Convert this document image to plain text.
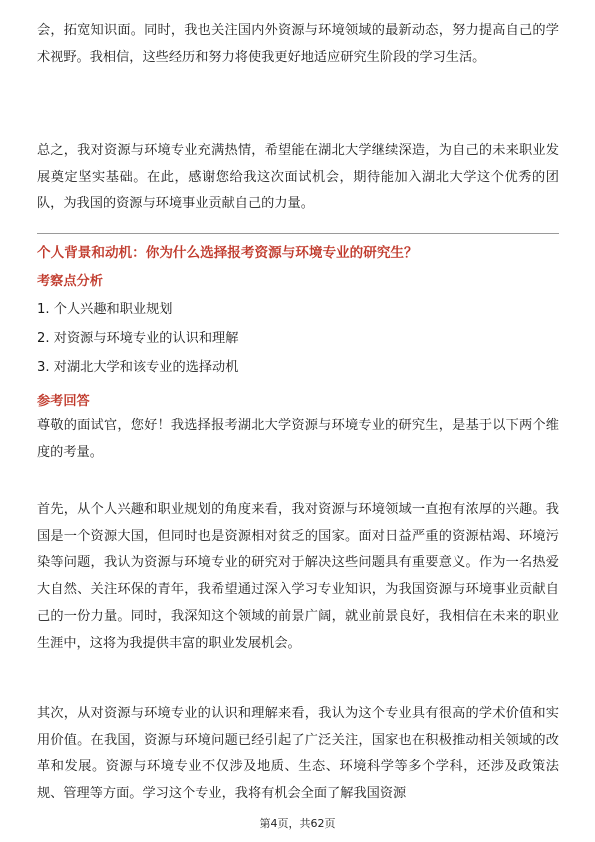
会，拓宽知识面。同时，我也关注国内外资源与环境领域的最新动态，努力提高自己的学术视野。我相信，这些经历和努力将使我更好地适应研究生阶段的学习生活。

总之，我对资源与环境专业充满热情，希望能在湖北大学继续深造，为自己的未来职业发展奠定坚实基础。在此，感谢您给我这次面试机会，期待能加入湖北大学这个优秀的团队，为我国的资源与环境事业贡献自己的力量。

个人背景和动机：你为什么选择报考资源与环境专业的研究生？
考察点分析
1. 个人兴趣和职业规划
2. 对资源与环境专业的认识和理解
3. 对湖北大学和该专业的选择动机
参考回答

尊敬的面试官，您好！我选择报考湖北大学资源与环境专业的研究生，是基于以下两个维度的考量。

首先，从个人兴趣和职业规划的角度来看，我对资源与环境领域一直抱有浓厚的兴趣。我国是一个资源大国，但同时也是资源相对贫乏的国家。面对日益严重的资源枯竭、环境污染等问题，我认为资源与环境专业的研究对于解决这些问题具有重要意义。作为一名热爱大自然、关注环保的青年，我希望通过深入学习专业知识，为我国资源与环境事业贡献自己的一份力量。同时，我深知这个领域的前景广阔，就业前景良好，我相信在未来的职业生涯中，这将为我提供丰富的职业发展机会。

其次，从对资源与环境专业的认识和理解来看，我认为这个专业具有很高的学术价值和实用价值。在我国，资源与环境问题已经引起了广泛关注，国家也在积极推动相关领域的改革和发展。资源与环境专业不仅涉及地质、生态、环境科学等多个学科，还涉及政策法规、管理等方面。学习这个专业，我将有机会全面了解我国资源

第4页，共62页
